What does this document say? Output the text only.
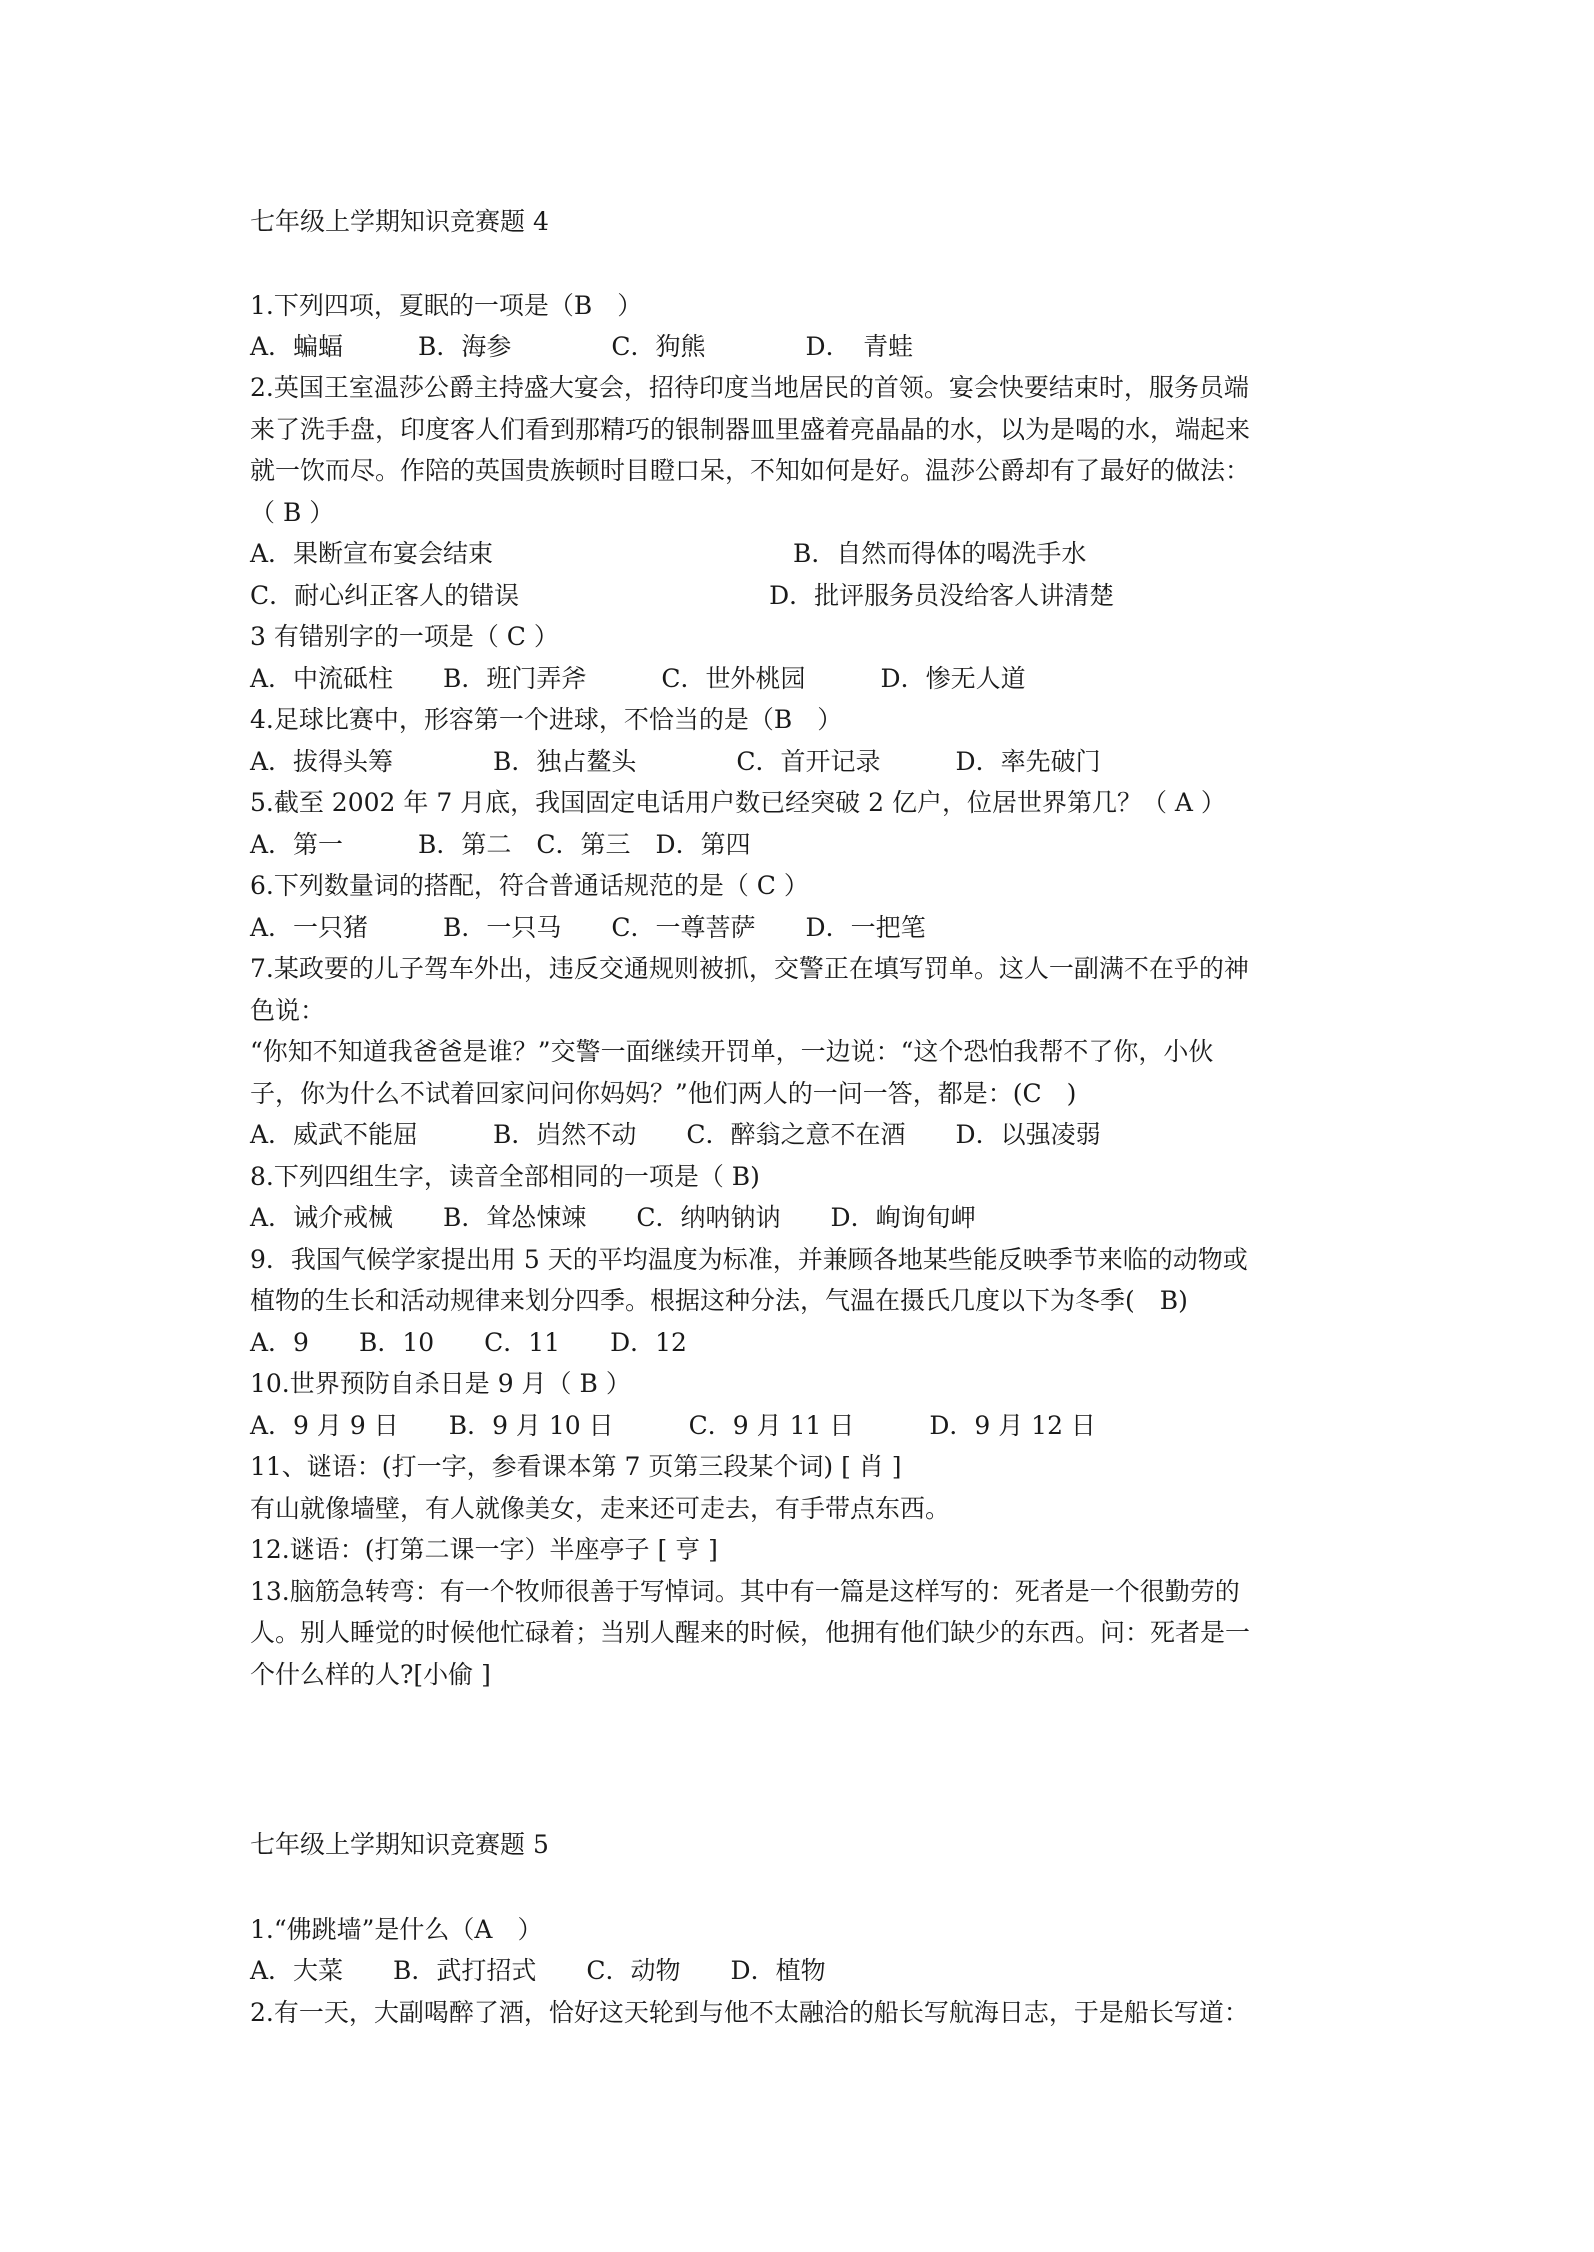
七年级上学期知识竞赛题 4
1.下列四项，夏眠的一项是（B　）
A．蝙蝠　　　B．海参　　　　C．狗熊　　　　D．　青蛙
2.英国王室温莎公爵主持盛大宴会，招待印度当地居民的首领。宴会快要结束时，服务员端
来了洗手盘，印度客人们看到那精巧的银制器皿里盛着亮晶晶的水，以为是喝的水，端起来
就一饮而尽。作陪的英国贵族顿时目瞪口呆，不知如何是好。温莎公爵却有了最好的做法：
（ B ）
A．果断宣布宴会结束　　　　　　　　　　　　B．自然而得体的喝洗手水
C．耐心纠正客人的错误　　　　　　　　　　D．批评服务员没给客人讲清楚
3 有错别字的一项是（ C ）
A．中流砥柱　　B．班门弄斧　　　C．世外桃园　　　D．惨无人道
4.足球比赛中，形容第一个进球，不恰当的是（B　）
A．拔得头筹　　　　B．独占鳌头　　　　C．首开记录　　　D．率先破门
5.截至 2002 年 7 月底，我国固定电话用户数已经突破 2 亿户，位居世界第几？（ A ）
A．第一　　　B．第二　C．第三　D．第四
6.下列数量词的搭配，符合普通话规范的是（ C ）
A．一只猪　　　B．一只马　　C．一尊菩萨　　D．一把笔
7.某政要的儿子驾车外出，违反交通规则被抓，交警正在填写罚单。这人一副满不在乎的神
色说：
“你知不知道我爸爸是谁？”交警一面继续开罚单，一边说：“这个恐怕我帮不了你，小伙
子，你为什么不试着回家问问你妈妈？”他们两人的一问一答，都是：(C　)
A．威武不能屈　　　B．岿然不动　　C．醉翁之意不在酒　　D．以强凌弱
8.下列四组生字，读音全部相同的一项是（ B)
A．诫介戒械　　B．耸怂悚竦　　C．纳呐钠讷　　D．峋询旬岬
9．我国气候学家提出用 5 天的平均温度为标准，并兼顾各地某些能反映季节来临的动物或
植物的生长和活动规律来划分四季。根据这种分法，气温在摄氏几度以下为冬季(　B)
A．9　　B．10　　C．11　　D．12
10.世界预防自杀日是 9 月（ B ）
A．9 月 9 日　　B．9 月 10 日　　　C．9 月 11 日　　　D．9 月 12 日
11、谜语：(打一字，参看课本第 7 页第三段某个词) [ 肖 ]
有山就像墙壁，有人就像美女，走来还可走去，有手带点东西。
12.谜语：(打第二课一字）半座亭子 [ 亨 ]
13.脑筋急转弯：有一个牧师很善于写悼词。其中有一篇是这样写的：死者是一个很勤劳的
人。别人睡觉的时候他忙碌着；当别人醒来的时候，他拥有他们缺少的东西。问：死者是一
个什么样的人?[小偷 ]
七年级上学期知识竞赛题 5
1.“佛跳墙”是什么（A　）
A．大菜　　B．武打招式　　C．动物　　D．植物
2.有一天，大副喝醉了酒，恰好这天轮到与他不太融洽的船长写航海日志，于是船长写道：
